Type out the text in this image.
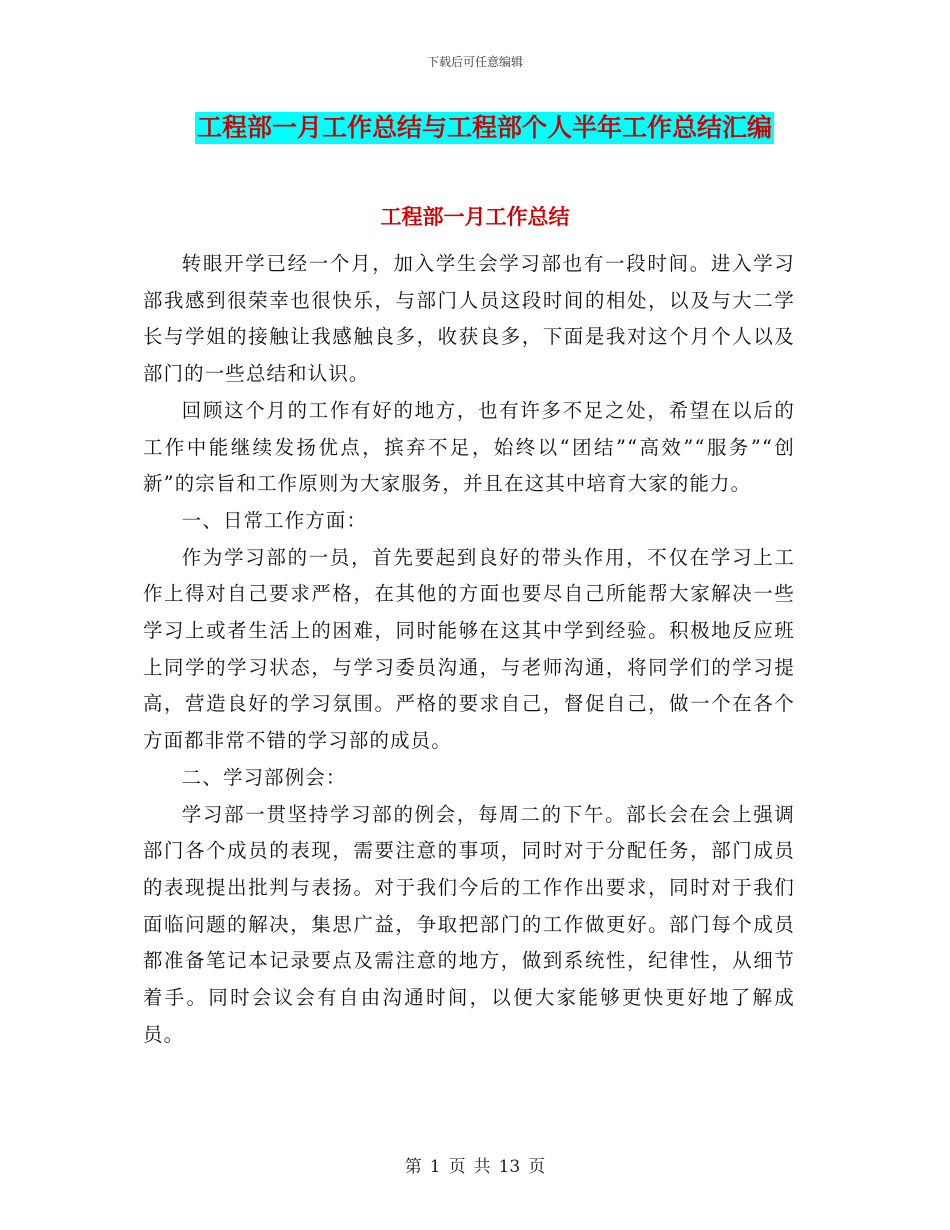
下载后可任意编辑
工程部一月工作总结与工程部个人半年工作总结汇编
工程部一月工作总结

转眼开学已经一个月，加入学生会学习部也有一段时间。进入学习部我感到很荣幸也很快乐，与部门人员这段时间的相处，以及与大二学长与学姐的接触让我感触良多，收获良多，下面是我对这个月个人以及部门的一些总结和认识。

回顾这个月的工作有好的地方，也有许多不足之处，希望在以后的工作中能继续发扬优点，摈弃不足，始终以“团结”“高效”“服务”“创新”的宗旨和工作原则为大家服务，并且在这其中培育大家的能力。

一、日常工作方面：

作为学习部的一员，首先要起到良好的带头作用，不仅在学习上工作上得对自己要求严格，在其他的方面也要尽自己所能帮大家解决一些学习上或者生活上的困难，同时能够在这其中学到经验。积极地反应班上同学的学习状态，与学习委员沟通，与老师沟通，将同学们的学习提高，营造良好的学习氛围。严格的要求自己，督促自己，做一个在各个方面都非常不错的学习部的成员。

二、学习部例会：

学习部一贯坚持学习部的例会，每周二的下午。部长会在会上强调部门各个成员的表现，需要注意的事项，同时对于分配任务，部门成员的表现提出批判与表扬。对于我们今后的工作作出要求，同时对于我们面临问题的解决，集思广益，争取把部门的工作做更好。部门每个成员都准备笔记本记录要点及需注意的地方，做到系统性，纪律性，从细节着手。同时会议会有自由沟通时间，以便大家能够更快更好地了解成员。

第 1 页 共 13 页
